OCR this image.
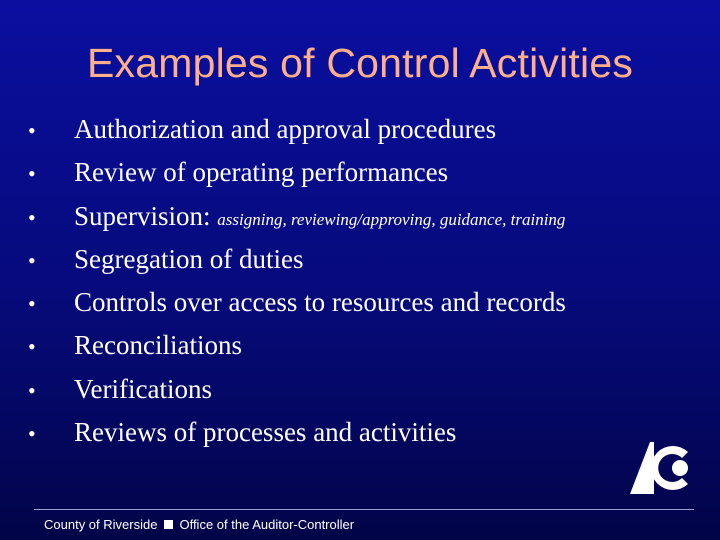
Examples of Control Activities
•	Authorization and approval procedures
•	Review of operating performances
•	Supervision: assigning, reviewing/approving, guidance, training
•	Segregation of duties
•	Controls over access to resources and records
•	Reconciliations
•	Verifications
•	Reviews of processes and activities
County of Riverside Office of the Auditor-Controller
